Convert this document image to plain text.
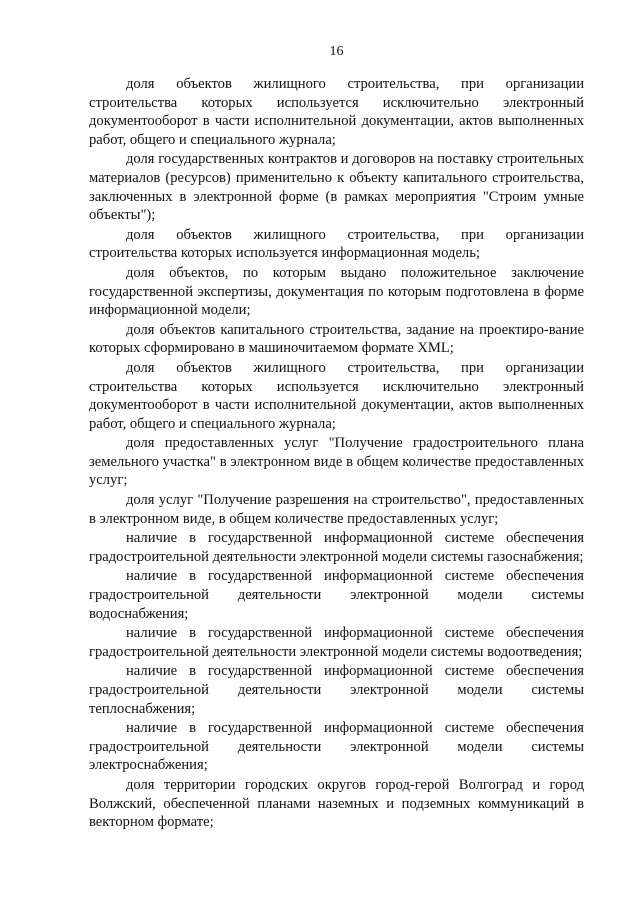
16

доля объектов жилищного строительства, при организации строительства которых используется исключительно электронный документооборот в части исполнительной документации, актов выполненных работ, общего и специального журнала;

доля государственных контрактов и договоров на поставку строительных материалов (ресурсов) применительно к объекту капитального строительства, заключенных в электронной форме (в рамках мероприятия "Строим умные объекты");

доля объектов жилищного строительства, при организации строительства которых используется информационная модель;

доля объектов, по которым выдано положительное заключение государственной экспертизы, документация по которым подготовлена в форме информационной модели;

доля объектов капитального строительства, задание на проектиро-вание которых сформировано в машиночитаемом формате XML;

доля объектов жилищного строительства, при организации строительства которых используется исключительно электронный документооборот в части исполнительной документации, актов выполненных работ, общего и специального журнала;

доля предоставленных услуг "Получение градостроительного плана земельного участка" в электронном виде в общем количестве предоставленных услуг;

доля услуг "Получение разрешения на строительство", предоставленных в электронном виде, в общем количестве предоставленных услуг;

наличие в государственной информационной системе обеспечения градостроительной деятельности электронной модели системы газоснабжения;

наличие в государственной информационной системе обеспечения градостроительной деятельности электронной модели системы водоснабжения;

наличие в государственной информационной системе обеспечения градостроительной деятельности электронной модели системы водоотведения;

наличие в государственной информационной системе обеспечения градостроительной деятельности электронной модели системы теплоснабжения;

наличие в государственной информационной системе обеспечения градостроительной деятельности электронной модели системы электроснабжения;

доля территории городских округов город-герой Волгоград и город Волжский, обеспеченной планами наземных и подземных коммуникаций в векторном формате;
